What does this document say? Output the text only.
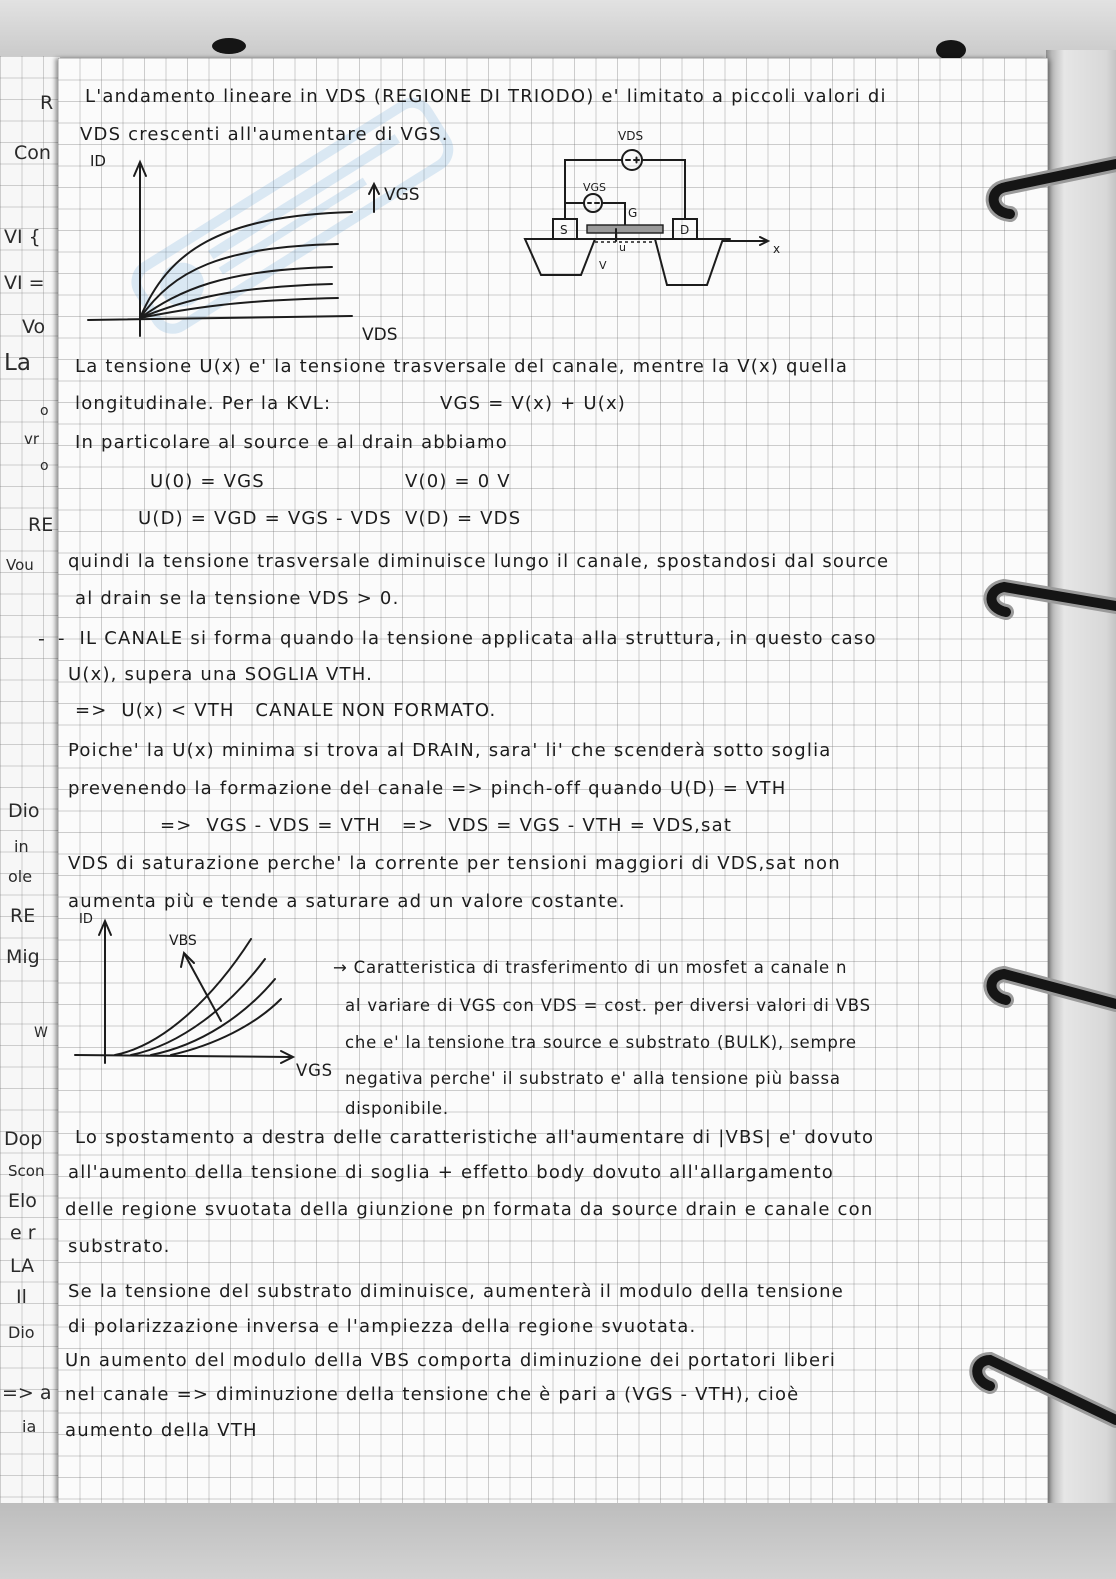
R
Con
VI {
VI =
Vo
La
o
vr
o
RE
Vou
-
Dio
in
ole
RE
Mig
W
Dop
Scon
Elo
e r
LA
Il
Dio
=> a
ia
L'andamento lineare in VDS (REGIONE DI TRIODO) e' limitato a piccoli valori di
VDS crescenti all'aumentare di VGS.
ID
VDS
VGS
VDS
VGS
G
S	D
u
V
x
La tensione U(x) e' la tensione trasversale del canale, mentre la V(x) quella
longitudinale. Per la KVL:	VGS = V(x) + U(x)
In particolare al source e al drain abbiamo
U(0) = VGS	V(0) = 0 V
U(D) = VGD = VGS - VDS V(D) = VDS
quindi la tensione trasversale diminuisce lungo il canale, spostandosi dal source
al drain se la tensione VDS > 0.
-  IL CANALE si forma quando la tensione applicata alla struttura, in questo caso
U(x), supera una SOGLIA VTH.
=>  U(x) < VTH   CANALE NON FORMATO.
Poiche' la U(x) minima si trova al DRAIN, sara' li' che scenderà sotto soglia
prevenendo la formazione del canale => pinch-off quando U(D) = VTH
=>  VGS - VDS = VTH   =>  VDS = VGS - VTH = VDS,sat
VDS di saturazione perche' la corrente per tensioni maggiori di VDS,sat non
aumenta più e tende a saturare ad un valore costante.
ID
VBS
VGS
→ Caratteristica di trasferimento di un mosfet a canale n
al variare di VGS con VDS = cost. per diversi valori di VBS
che e' la tensione tra source e substrato (BULK), sempre
negativa perche' il substrato e' alla tensione più bassa
disponibile.
Lo spostamento a destra delle caratteristiche all'aumentare di |VBS| e' dovuto
all'aumento della tensione di soglia + effetto body dovuto all'allargamento
delle regione svuotata della giunzione pn formata da source drain e canale con
substrato.
Se la tensione del substrato diminuisce, aumenterà il modulo della tensione
di polarizzazione inversa e l'ampiezza della regione svuotata.
Un aumento del modulo della VBS comporta diminuzione dei portatori liberi
nel canale => diminuzione della tensione che è pari a (VGS - VTH), cioè
aumento della VTH
